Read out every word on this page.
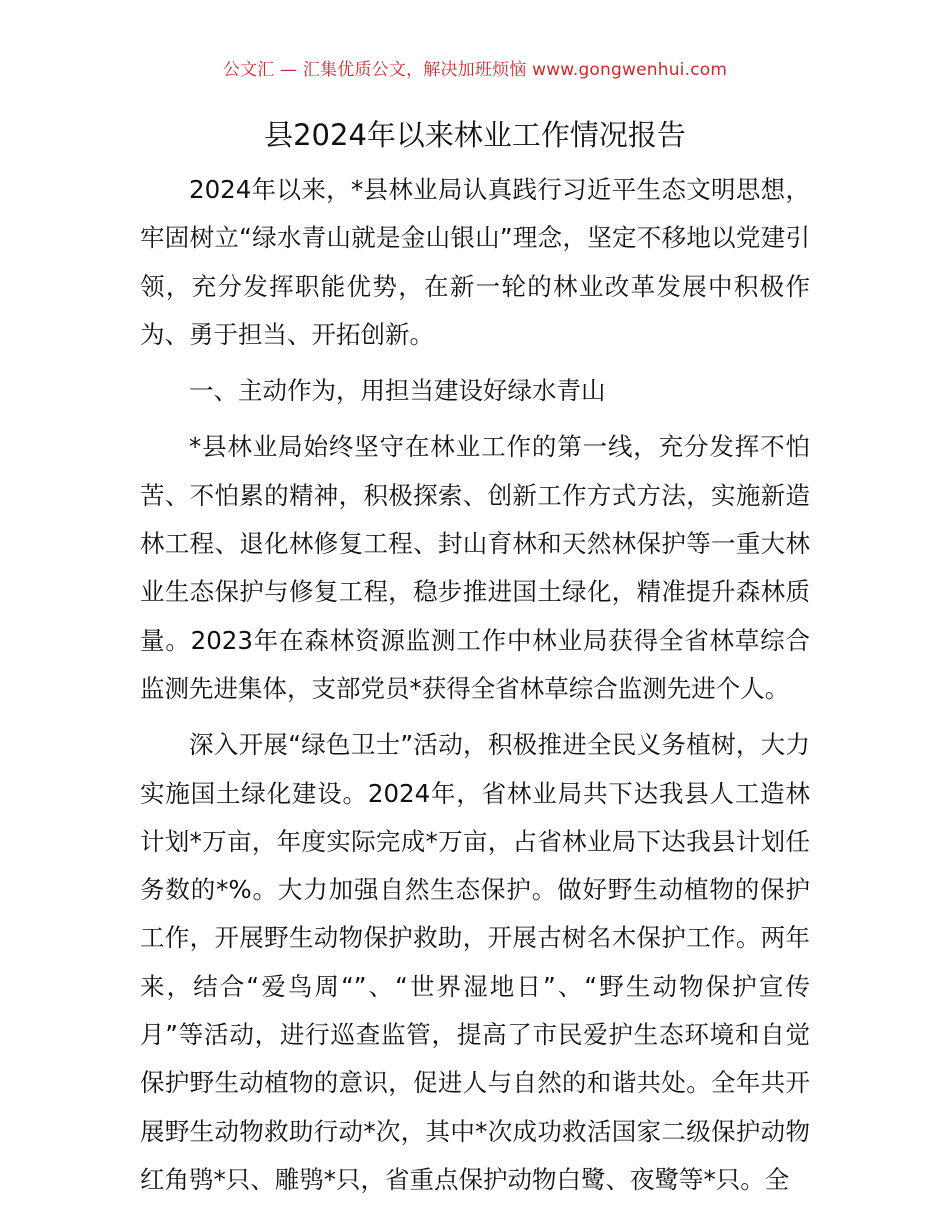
公文汇 — 汇集优质公文，解决加班烦恼 www.gongwenhui.com
县2024年以来林业工作情况报告

2024年以来，*县林业局认真践行习近平生态文明思想，牢固树立“绿水青山就是金山银山”理念，坚定不移地以党建引领，充分发挥职能优势，在新一轮的林业改革发展中积极作为、勇于担当、开拓创新。

一、主动作为，用担当建设好绿水青山

*县林业局始终坚守在林业工作的第一线，充分发挥不怕苦、不怕累的精神，积极探索、创新工作方式方法，实施新造林工程、退化林修复工程、封山育林和天然林保护等一重大林业生态保护与修复工程，稳步推进国土绿化，精准提升森林质量。2023年在森林资源监测工作中林业局获得全省林草综合监测先进集体，支部党员*获得全省林草综合监测先进个人。

深入开展“绿色卫士”活动，积极推进全民义务植树，大力实施国土绿化建设。2024年，省林业局共下达我县人工造林计划*万亩，年度实际完成*万亩，占省林业局下达我县计划任务数的*%。大力加强自然生态保护。做好野生动植物的保护工作，开展野生动物保护救助，开展古树名木保护工作。两年来，结合“爱鸟周“”、“世界湿地日”、“野生动物保护宣传月”等活动，进行巡查监管，提高了市民爱护生态环境和自觉保护野生动植物的意识，促进人与自然的和谐共处。全年共开展野生动物救助行动*次，其中*次成功救活国家二级保护动物红角鸮*只、雕鸮*只，省重点保护动物白鹭、夜鹭等*只。全
